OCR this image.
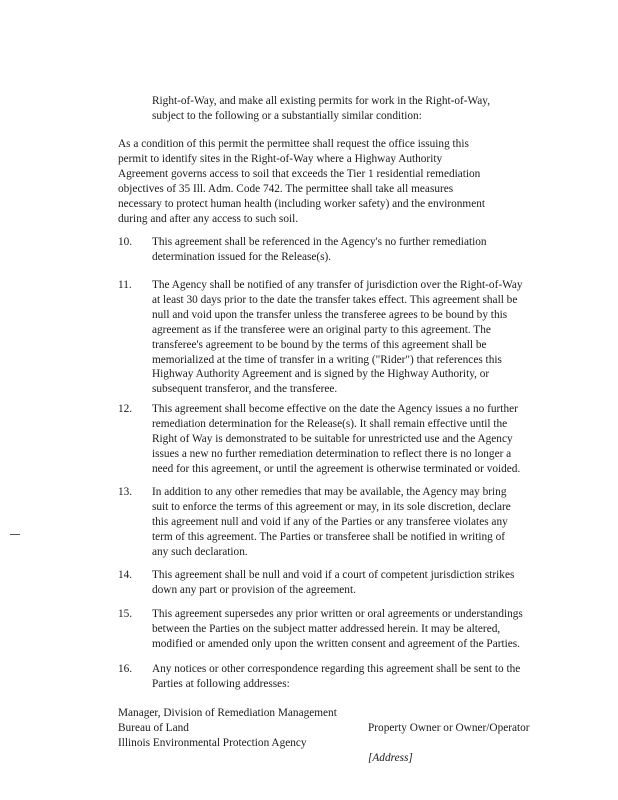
Right-of-Way, and make all existing permits for work in the Right-of-Way,
subject to the following or a substantially similar condition:
As a condition of this permit the permittee shall request the office issuing this
permit to identify sites in the Right-of-Way where a Highway Authority
Agreement governs access to soil that exceeds the Tier 1 residential remediation
objectives of 35 Ill. Adm. Code 742. The permittee shall take all measures
necessary to protect human health (including worker safety) and the environment
during and after any access to such soil.
10.	This agreement shall be referenced in the Agency's no further remediation
determination issued for the Release(s).
11.	The Agency shall be notified of any transfer of jurisdiction over the Right-of-Way
at least 30 days prior to the date the transfer takes effect. This agreement shall be
null and void upon the transfer unless the transferee agrees to be bound by this
agreement as if the transferee were an original party to this agreement. The
transferee's agreement to be bound by the terms of this agreement shall be
memorialized at the time of transfer in a writing ("Rider") that references this
Highway Authority Agreement and is signed by the Highway Authority, or
subsequent transferor, and the transferee.
12.	This agreement shall become effective on the date the Agency issues a no further
remediation determination for the Release(s). It shall remain effective until the
Right of Way is demonstrated to be suitable for unrestricted use and the Agency
issues a new no further remediation determination to reflect there is no longer a
need for this agreement, or until the agreement is otherwise terminated or voided.
13.	In addition to any other remedies that may be available, the Agency may bring
suit to enforce the terms of this agreement or may, in its sole discretion, declare
this agreement null and void if any of the Parties or any transferee violates any
term of this agreement. The Parties or transferee shall be notified in writing of
any such declaration.
14.	This agreement shall be null and void if a court of competent jurisdiction strikes
down any part or provision of the agreement.
15.	This agreement supersedes any prior written or oral agreements or understandings
between the Parties on the subject matter addressed herein. It may be altered,
modified or amended only upon the written consent and agreement of the Parties.
16.	Any notices or other correspondence regarding this agreement shall be sent to the
Parties at following addresses:
Manager, Division of Remediation Management
Bureau of Land
Illinois Environmental Protection Agency

Property Owner or Owner/Operator

[Address]
